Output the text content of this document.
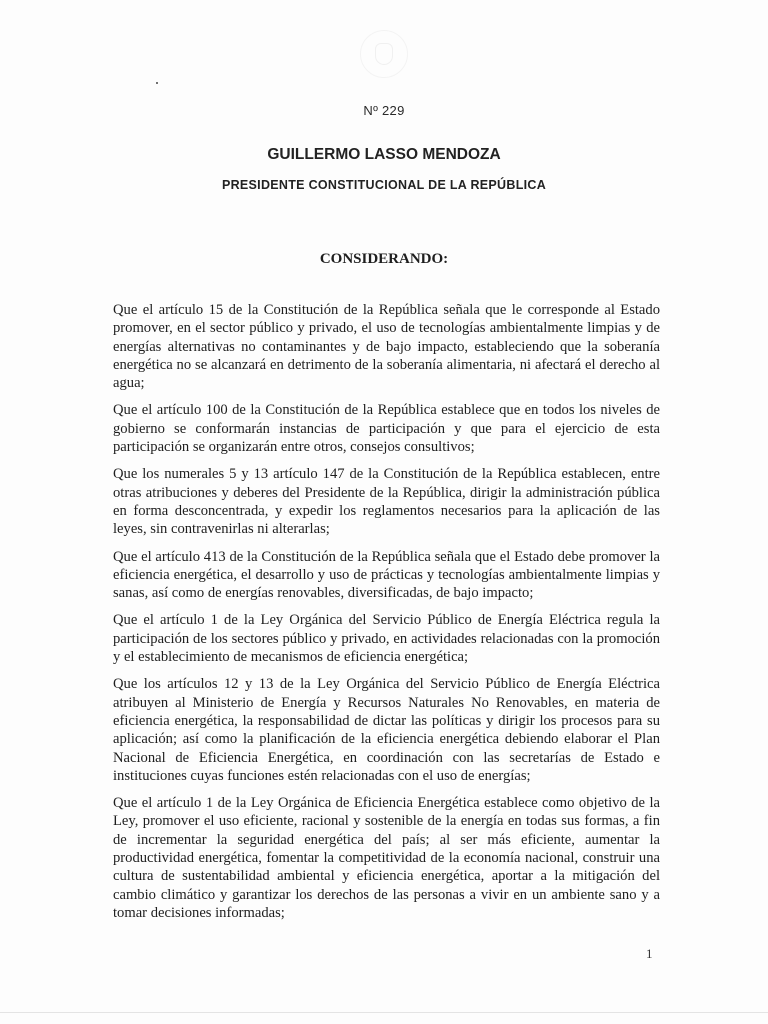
Nº 229
GUILLERMO LASSO MENDOZA
PRESIDENTE CONSTITUCIONAL DE LA REPÚBLICA
CONSIDERANDO:

Que el artículo 15 de la Constitución de la República señala que le corresponde al Estado promover, en el sector público y privado, el uso de tecnologías ambientalmente limpias y de energías alternativas no contaminantes y de bajo impacto, estableciendo que la soberanía energética no se alcanzará en detrimento de la soberanía alimentaria, ni afectará el derecho al agua;

Que el artículo 100 de la Constitución de la República establece que en todos los niveles de gobierno se conformarán instancias de participación y que para el ejercicio de esta participación se organizarán entre otros, consejos consultivos;

Que los numerales 5 y 13 artículo 147 de la Constitución de la República establecen, entre otras atribuciones y deberes del Presidente de la República, dirigir la administración pública en forma desconcentrada, y expedir los reglamentos necesarios para la aplicación de las leyes, sin contravenirlas ni alterarlas;

Que el artículo 413 de la Constitución de la República señala que el Estado debe promover la eficiencia energética, el desarrollo y uso de prácticas y tecnologías ambientalmente limpias y sanas, así como de energías renovables, diversificadas, de bajo impacto;

Que el artículo 1 de la Ley Orgánica del Servicio Público de Energía Eléctrica regula la participación de los sectores público y privado, en actividades relacionadas con la promoción y el establecimiento de mecanismos de eficiencia energética;

Que los artículos 12 y 13 de la Ley Orgánica del Servicio Público de Energía Eléctrica atribuyen al Ministerio de Energía y Recursos Naturales No Renovables, en materia de eficiencia energética, la responsabilidad de dictar las políticas y dirigir los procesos para su aplicación; así como la planificación de la eficiencia energética debiendo elaborar el Plan Nacional de Eficiencia Energética, en coordinación con las secretarías de Estado e instituciones cuyas funciones estén relacionadas con el uso de energías;

Que el artículo 1 de la Ley Orgánica de Eficiencia Energética establece como objetivo de la Ley, promover el uso eficiente, racional y sostenible de la energía en todas sus formas, a fin de incrementar la seguridad energética del país; al ser más eficiente, aumentar la productividad energética, fomentar la competitividad de la economía nacional, construir una cultura de sustentabilidad ambiental y eficiencia energética, aportar a la mitigación del cambio climático y garantizar los derechos de las personas a vivir en un ambiente sano y a tomar decisiones informadas;

1
